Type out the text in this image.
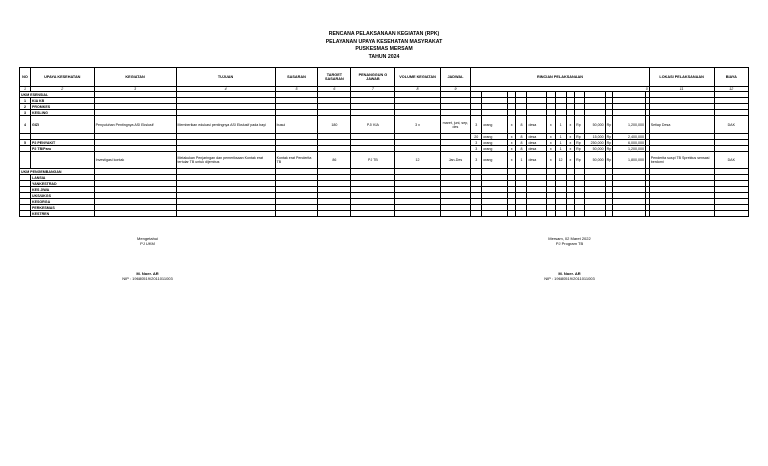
RENCANA PELAKSANAAN KEGIATAN (RPK)
PELAYANAN UPAYA KESEHATAN MASYRAKAT
PUSKESMAS MERSAM
TAHUN 2024
NO	UPAYA KESEHATAN	KEGIATAN	TUJUAN	SASARAN	TARGET SASARAN	PENANGGUN G JAWAB	VOLUME KEGIATAN	JADWAL	RINCIAN PELAKSANAAN													LOKASI PELAKSANAAN	BIAYA
1	2	3	4	5	6	7	8	9	0													11	12
UKM ESENSIAL																							
1	KIA KB																						
2	PROMKES																						
3	KESLING																						
4	GIZI	Penyuluhan Pentingnya ASI Ekslusif	Memberikan edukasi pentingnya ASI Ekslusif pada bayi	busui	180	PJ/ KIA	3 x	maret, juni, sep, des	3	orang	x	8	desa	x	1	x	Rp	50,000	Rp	1,200,000		Setiap Desa	DAK
									20	orang	x	8	desa	x	1	x	Rp	15,000	Rp	2,400,000			
5	P2 PENYAKIT								3	orang	x	8	desa	x	1	x	Rp	250,000	Rp	6,000,000			
	P2 TB/Paru								3	orang	x	8	desa	x	1	x	Rp	50,000	Rp	1,200,000			
		Investigasi kontak	Melakukan Penjaringan dan pemeriksaan Kontak erat tertular TB untuk dijembus	Kontak erat Penderita TB	86	PJ TB	12	Jan-Des	3	orang	x	1	desa	x	12	x	Rp	50,000	Rp	1,800,000		Penderita suspi TB Sprektus sensasi berdomi	DAK
UKM PENGEMBANGAN																							
	LANSIA																						
	YANKESTRAD																						
	KES JIWA																						
	UKS/UKGS																						
	KESORGA																						
	PERKESMAS																						
	KESTREN																						
Mengetahui
PJ UKM
M. Noer. AR
NIP : 19680519/2011011003
Mersam, 02 Maret 2022
PJ Program TB
M. Noer. AR
NIP : 19680519/2011011003
